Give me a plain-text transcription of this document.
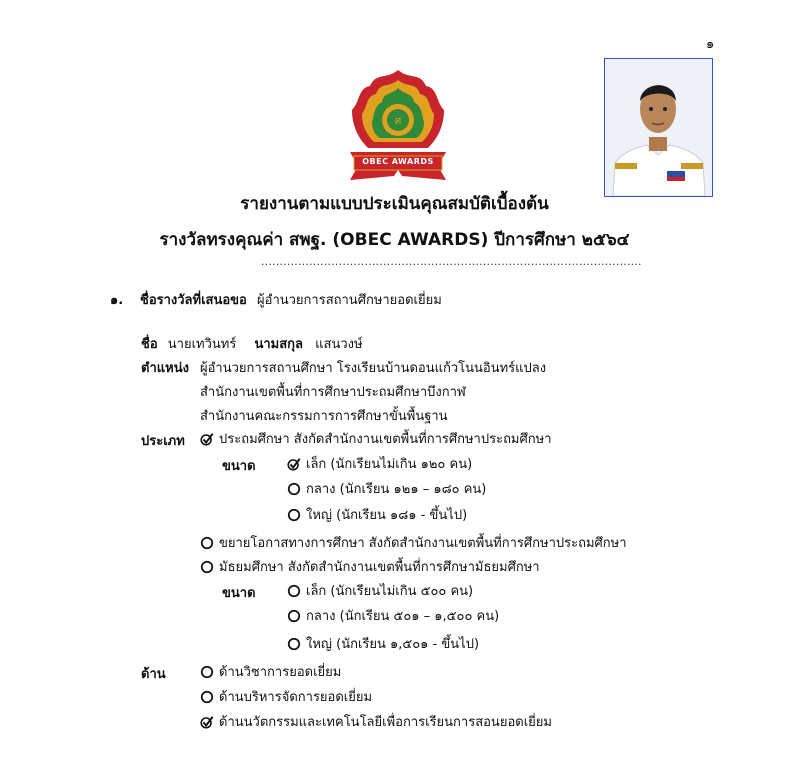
๑
ศ
OBEC AWARDS
รายงานตามแบบประเมินคุณสมบัติเบื้องต้น
รางวัลทรงคุณค่า สพฐ. (OBEC AWARDS) ปีการศึกษา ๒๕๖๔
.......................................................................................................
๑. ชื่อรางวัลที่เสนอขอ ผู้อำนวยการสถานศึกษายอดเยี่ยม
ชื่อ นายเทวินทร์ นามสกุล แสนวงษ์
ตำแหน่ง ผู้อำนวยการสถานศึกษา โรงเรียนบ้านดอนแก้วโนนอินทร์แปลง
สำนักงานเขตพื้นที่การศึกษาประถมศึกษาบึงกาฬ
สำนักงานคณะกรรมการการศึกษาขั้นพื้นฐาน
ประเภท	ประถมศึกษา สังกัดสำนักงานเขตพื้นที่การศึกษาประถมศึกษา
ขนาด	เล็ก (นักเรียนไม่เกิน ๑๒๐ คน)
กลาง (นักเรียน ๑๒๑ – ๑๘๐ คน)
ใหญ่ (นักเรียน ๑๘๑ - ขึ้นไป)
ขยายโอกาสทางการศึกษา สังกัดสำนักงานเขตพื้นที่การศึกษาประถมศึกษา
มัธยมศึกษา สังกัดสำนักงานเขตพื้นที่การศึกษามัธยมศึกษา
ขนาด	เล็ก (นักเรียนไม่เกิน ๕๐๐ คน)
กลาง (นักเรียน ๕๐๑ – ๑,๕๐๐ คน)
ใหญ่ (นักเรียน ๑,๕๐๑ - ขึ้นไป)
ด้าน	ด้านวิชาการยอดเยี่ยม
ด้านบริหารจัดการยอดเยี่ยม
ด้านนวัตกรรมและเทคโนโลยีเพื่อการเรียนการสอนยอดเยี่ยม
